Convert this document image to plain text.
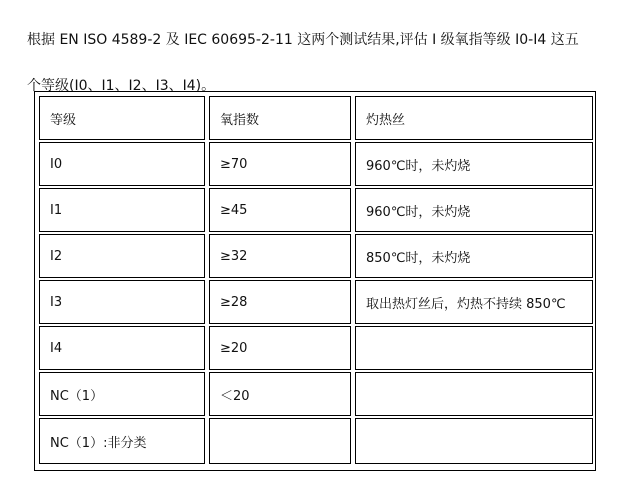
根据 EN ISO 4589-2 及 IEC 60695-2-11 这两个测试结果,评估 I 级氧指等级 I0-I4 这五
个等级(I0、I1、I2、I3、I4)。
等级	氧指数	灼热丝
I0	≥70	960℃时，未灼烧
I1	≥45	960℃时，未灼烧
I2	≥32	850℃时，未灼烧
I3	≥28	取出热灯丝后，灼热不持续 850℃
I4	≥20
NC（1）	＜20
NC（1）:非分类
